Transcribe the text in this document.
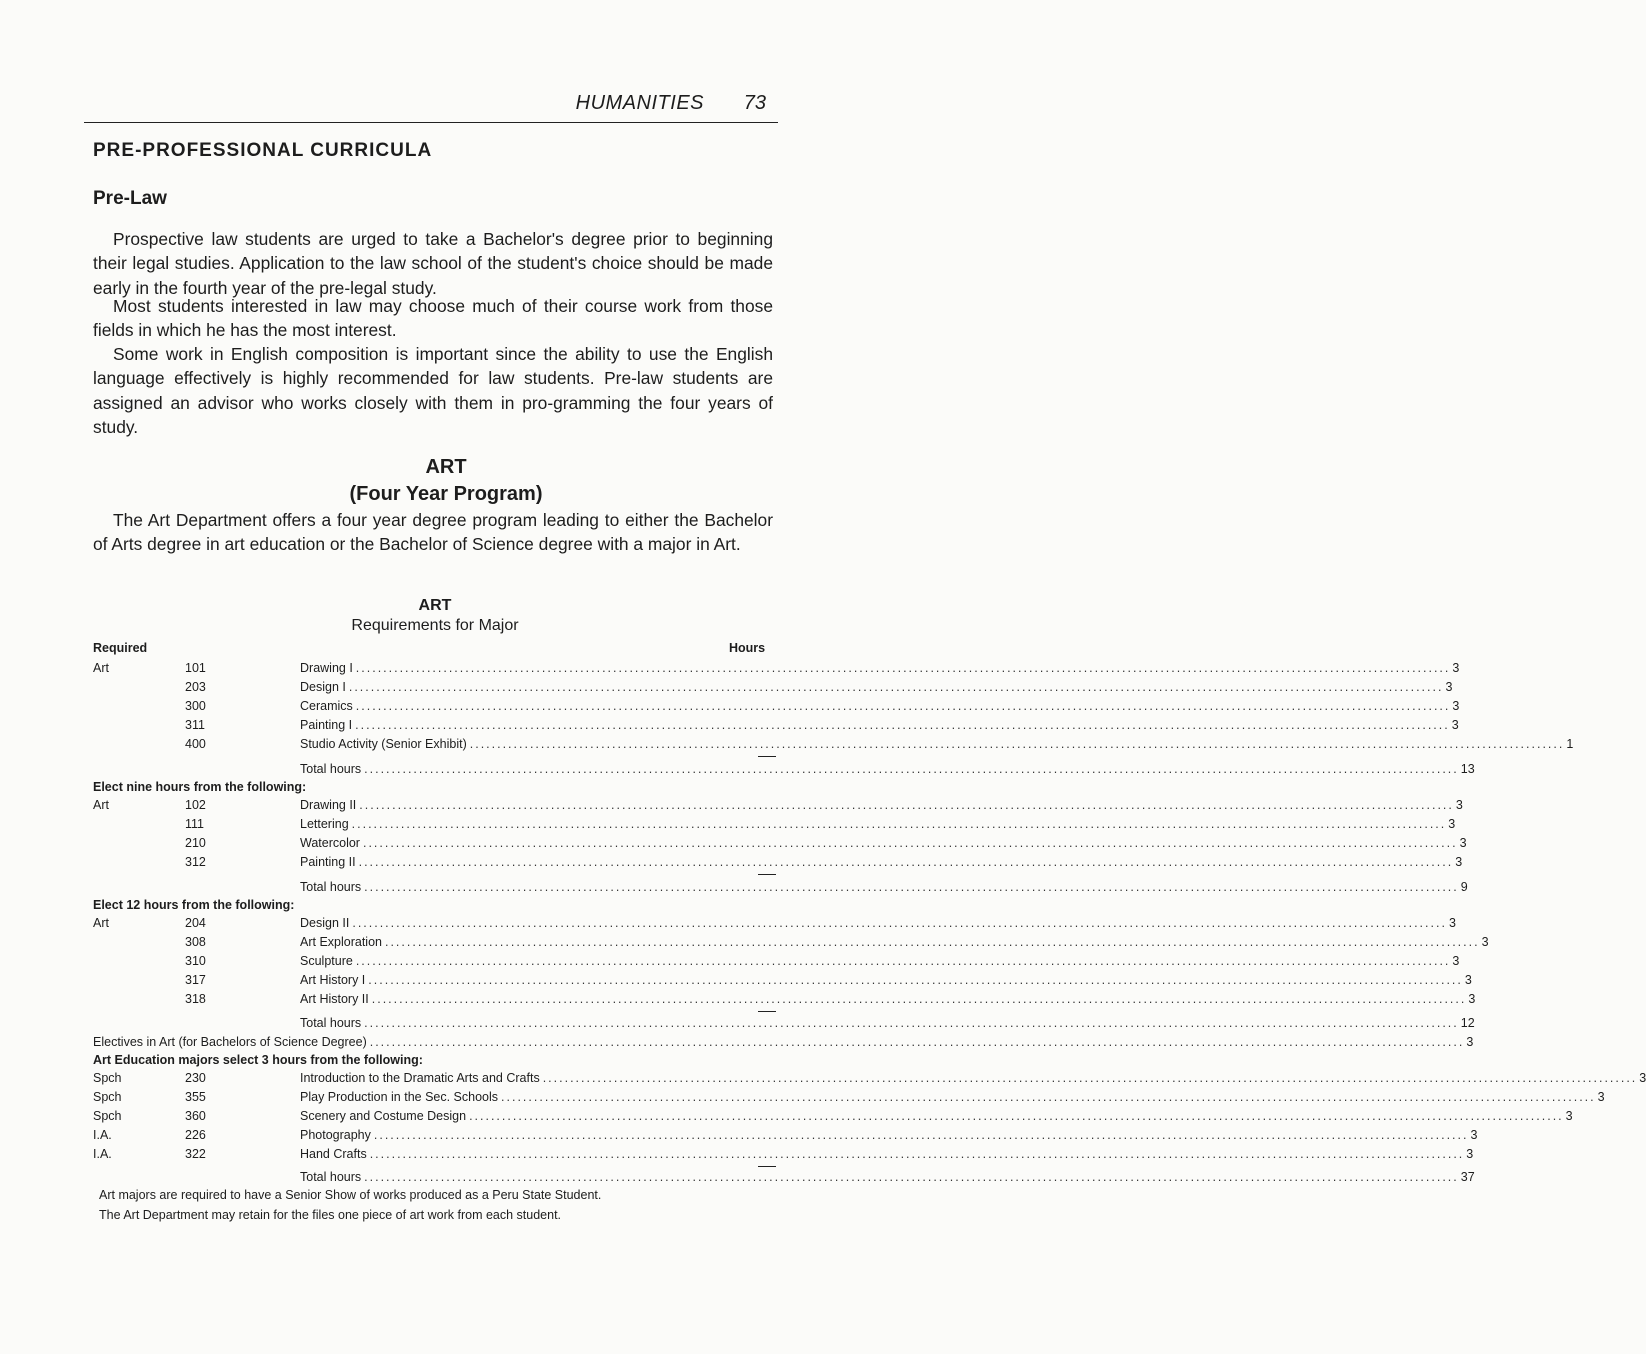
HUMANITIES 73
PRE-PROFESSIONAL CURRICULA
Pre-Law

Prospective law students are urged to take a Bachelor's degree prior to beginning their legal studies. Application to the law school of the student's choice should be made early in the fourth year of the pre-legal study.

Most students interested in law may choose much of their course work from those fields in which he has the most interest.

Some work in English composition is important since the ability to use the English language effectively is highly recommended for law students. Pre-law students are assigned an advisor who works closely with them in pro-gramming the four years of study.

ART
(Four Year Program)

The Art Department offers a four year degree program leading to either the Bachelor of Arts degree in art education or the Bachelor of Science degree with a major in Art.

ART
Requirements for Major
Required	Hours
Art	101	Drawing I ........................................................................................................................................................................................................ 3
203	Design I ........................................................................................................................................................................................................ 3
300	Ceramics ........................................................................................................................................................................................................ 3
311	Painting I ........................................................................................................................................................................................................ 3
400	Studio Activity (Senior Exhibit) ........................................................................................................................................................................................................ 1
Total hours ........................................................................................................................................................................................................ 13
Elect nine hours from the following:
Art	102	Drawing II ........................................................................................................................................................................................................ 3
111	Lettering ........................................................................................................................................................................................................ 3
210	Watercolor ........................................................................................................................................................................................................ 3
312	Painting II ........................................................................................................................................................................................................ 3
Total hours ........................................................................................................................................................................................................ 9
Elect 12 hours from the following:
Art	204	Design II ........................................................................................................................................................................................................ 3
308	Art Exploration ........................................................................................................................................................................................................ 3
310	Sculpture ........................................................................................................................................................................................................ 3
317	Art History I ........................................................................................................................................................................................................ 3
318	Art History II ........................................................................................................................................................................................................ 3
Total hours ........................................................................................................................................................................................................ 12
Electives in Art (for Bachelors of Science Degree) ........................................................................................................................................................................................................ 3
Art Education majors select 3 hours from the following:
Spch	230	Introduction to the Dramatic Arts and Crafts ........................................................................................................................................................................................................ 3
Spch	355	Play Production in the Sec. Schools ........................................................................................................................................................................................................ 3
Spch	360	Scenery and Costume Design ........................................................................................................................................................................................................ 3
I.A.	226	Photography ........................................................................................................................................................................................................ 3
I.A.	322	Hand Crafts ........................................................................................................................................................................................................ 3
Total hours ........................................................................................................................................................................................................ 37
Art majors are required to have a Senior Show of works produced as a Peru State Student.
The Art Department may retain for the files one piece of art work from each student.
